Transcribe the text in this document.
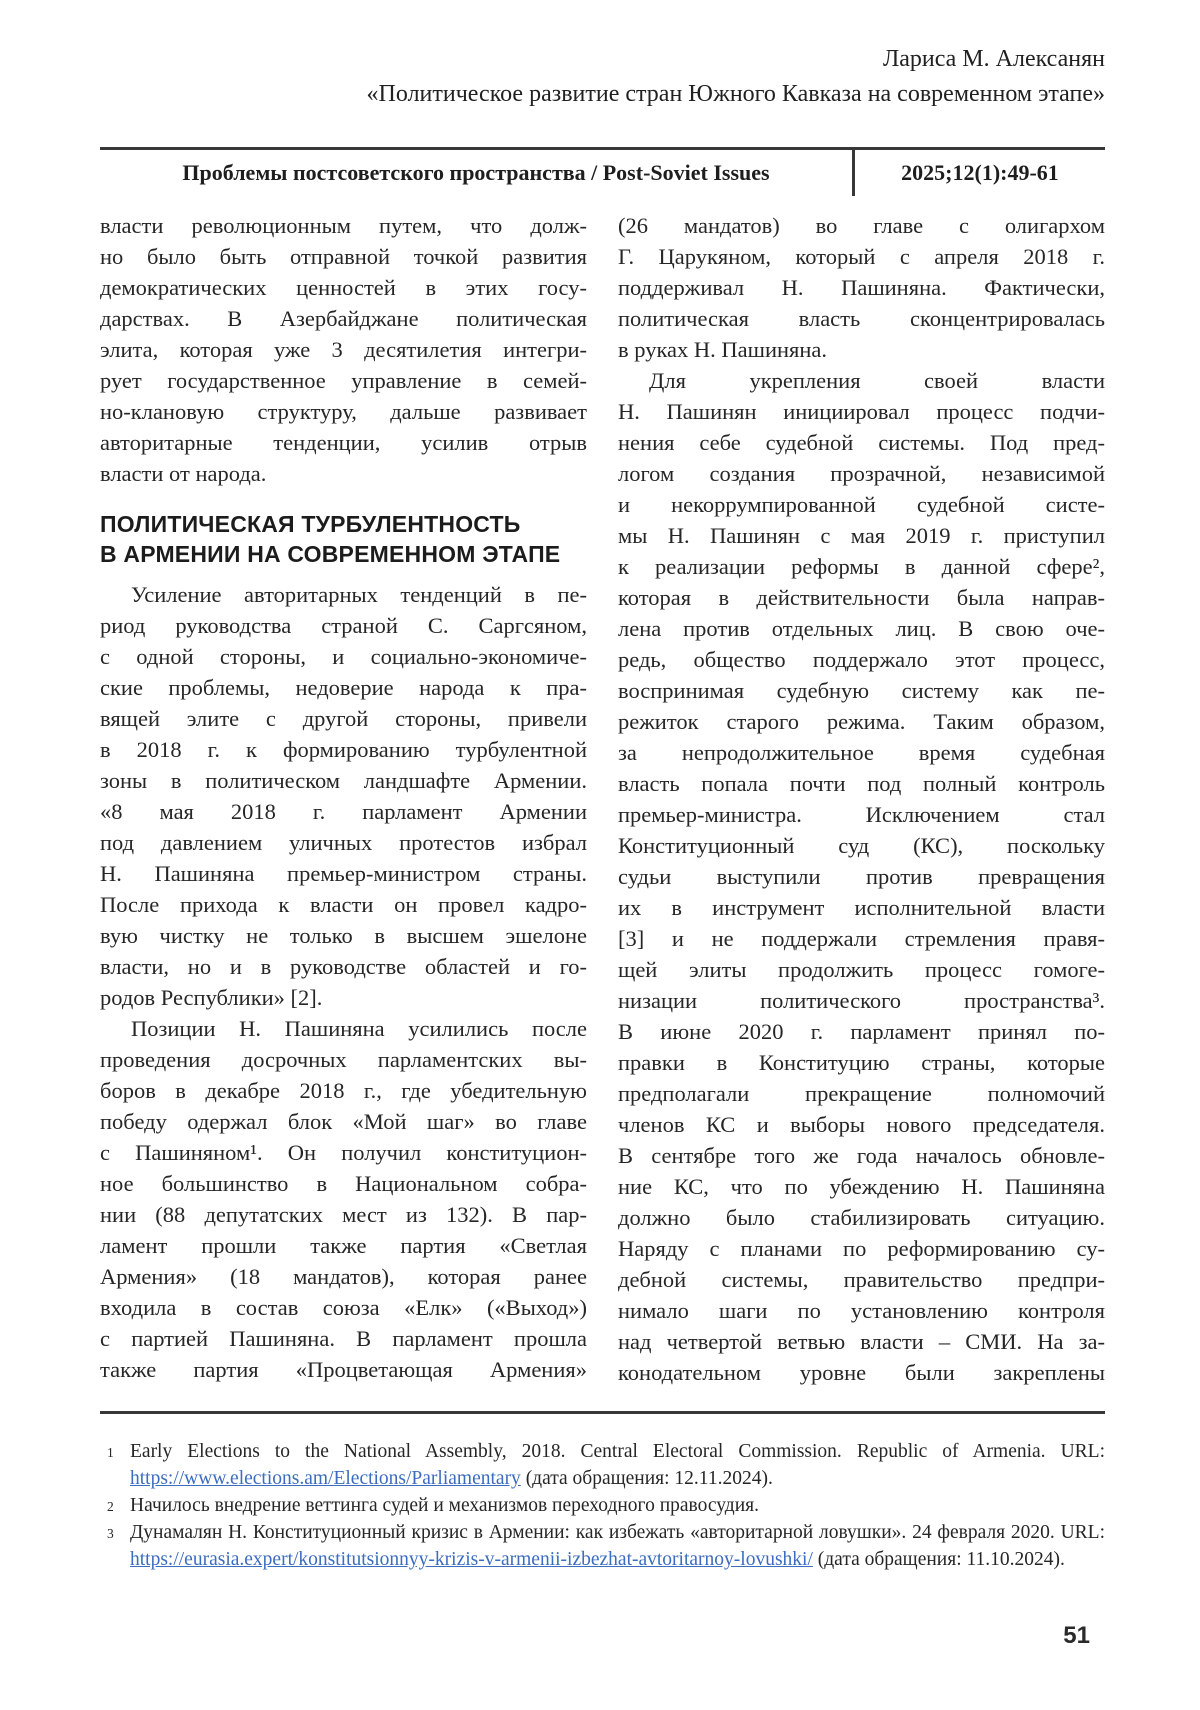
Лариса М. Алексанян
«Политическое развитие стран Южного Кавказа на современном этапе»
Проблемы постсоветского пространства / Post-Soviet Issues	2025;12(1):49-61
власти революционным путем, что долж-
но было быть отправной точкой развития
демократических ценностей в этих госу-
дарствах. В Азербайджане политическая
элита, которая уже 3 десятилетия интегри-
рует государственное управление в семей-
но-клановую структуру, дальше развивает
авторитарные тенденции, усилив отрыв
власти от народа.
ПОЛИТИЧЕСКАЯ ТУРБУЛЕНТНОСТЬ
В АРМЕНИИ НА СОВРЕМЕННОМ ЭТАПЕ
Усиление авторитарных тенденций в пе-
риод руководства страной С. Саргсяном,
с одной стороны, и социально-экономиче-
ские проблемы, недоверие народа к пра-
вящей элите с другой стороны, привели
в 2018 г. к формированию турбулентной
зоны в политическом ландшафте Армении.
«8 мая 2018 г. парламент Армении
под давлением уличных протестов избрал
Н. Пашиняна премьер-министром страны.
После прихода к власти он провел кадро-
вую чистку не только в высшем эшелоне
власти, но и в руководстве областей и го-
родов Республики» [2].
Позиции Н. Пашиняна усилились после
проведения досрочных парламентских вы-
боров в декабре 2018 г., где убедительную
победу одержал блок «Мой шаг» во главе
с Пашиняном¹. Он получил конституцион-
ное большинство в Национальном собра-
нии (88 депутатских мест из 132). В пар-
ламент прошли также партия «Светлая
Армения» (18 мандатов), которая ранее
входила в состав союза «Елк» («Выход»)
с партией Пашиняна. В парламент прошла
также партия «Процветающая Армения»
(26 мандатов) во главе с олигархом
Г. Царукяном, который с апреля 2018 г.
поддерживал Н. Пашиняна. Фактически,
политическая власть сконцентрировалась
в руках Н. Пашиняна.
Для укрепления своей власти
Н. Пашинян инициировал процесс подчи-
нения себе судебной системы. Под пред-
логом создания прозрачной, независимой
и некоррумпированной судебной систе-
мы Н. Пашинян с мая 2019 г. приступил
к реализации реформы в данной сфере²,
которая в действительности была направ-
лена против отдельных лиц. В свою оче-
редь, общество поддержало этот процесс,
воспринимая судебную систему как пе-
режиток старого режима. Таким образом,
за непродолжительное время судебная
власть попала почти под полный контроль
премьер-министра. Исключением стал
Конституционный суд (КС), поскольку
судьи выступили против превращения
их в инструмент исполнительной власти
[3] и не поддержали стремления правя-
щей элиты продолжить процесс гомоге-
низации политического пространства³.
В июне 2020 г. парламент принял по-
правки в Конституцию страны, которые
предполагали прекращение полномочий
членов КС и выборы нового председателя.
В сентябре того же года началось обновле-
ние КС, что по убеждению Н. Пашиняна
должно было стабилизировать ситуацию.
Наряду с планами по реформированию су-
дебной системы, правительство предпри-
нимало шаги по установлению контроля
над четвертой ветвью власти – СМИ. На за-
конодательном уровне были закреплены
1 Early Elections to the National Assembly, 2018. Central Electoral Commission. Republic of Armenia. URL: https://www.elections.am/Elections/Parliamentary (дата обращения: 12.11.2024).
2 Начилось внедрение веттинга судей и механизмов переходного правосудия.
3 Дунамалян Н. Конституционный кризис в Армении: как избежать «авторитарной ловушки». 24 февраля 2020. URL: https://eurasia.expert/konstitutsionnyy-krizis-v-armenii-izbezhat-avtoritarnoy-lovushki/ (дата обращения: 11.10.2024).
51
